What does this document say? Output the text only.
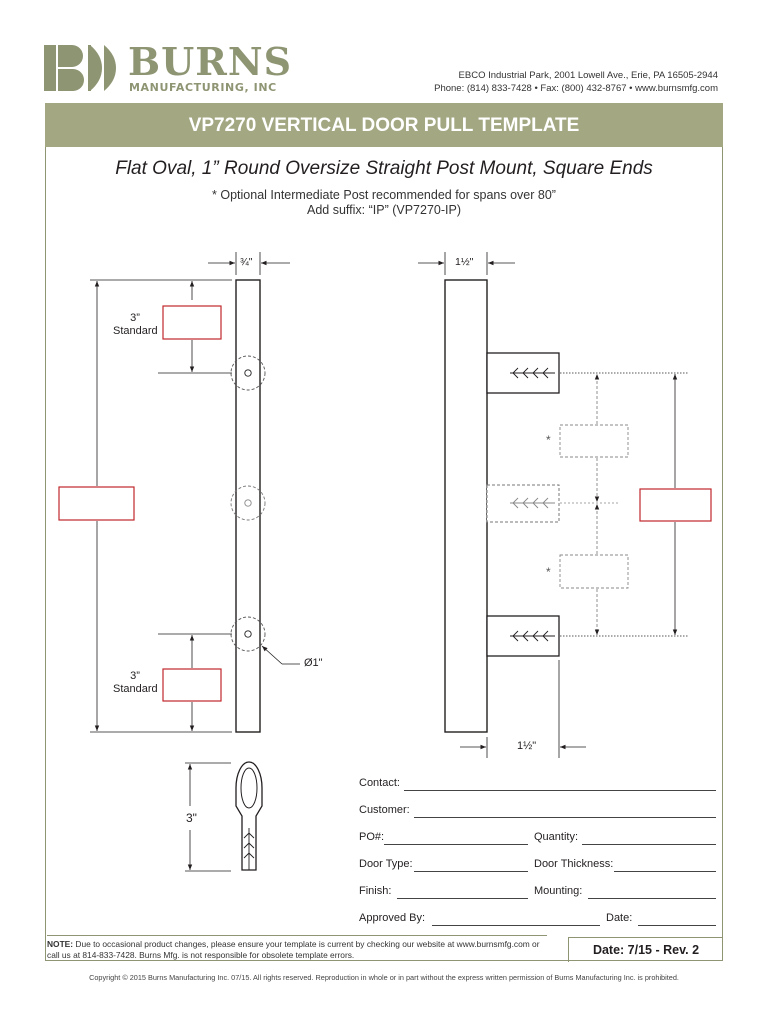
BURNS
MANUFACTURING, INC
EBCO Industrial Park, 2001 Lowell Ave., Erie, PA 16505-2944
Phone: (814) 833-7428 • Fax: (800) 432-8767 • www.burnsmfg.com
VP7270 VERTICAL DOOR PULL TEMPLATE
Flat Oval, 1” Round Oversize Straight Post Mount, Square Ends
* Optional Intermediate Post recommended for spans over 80”
Add suffix: “IP” (VP7270-IP)
¾"	1½"
3”
Standard
3”
Standard
Ø1"
1½"
3"
*
*
Contact:
Customer:
PO#:	Quantity:
Door Type:	Door Thickness:
Finish:	Mounting:
Approved By:	Date:
NOTE: Due to occasional product changes, please ensure your template is current by checking our website at www.burnsmfg.com or call us at 814-833-7428. Burns Mfg. is not responsible for obsolete template errors.	Date: 7/15 - Rev. 2
Copyright © 2015 Burns Manufacturing Inc. 07/15. All rights reserved. Reproduction in whole or in part without the express written permission of Burns Manufacturing Inc. is prohibited.
